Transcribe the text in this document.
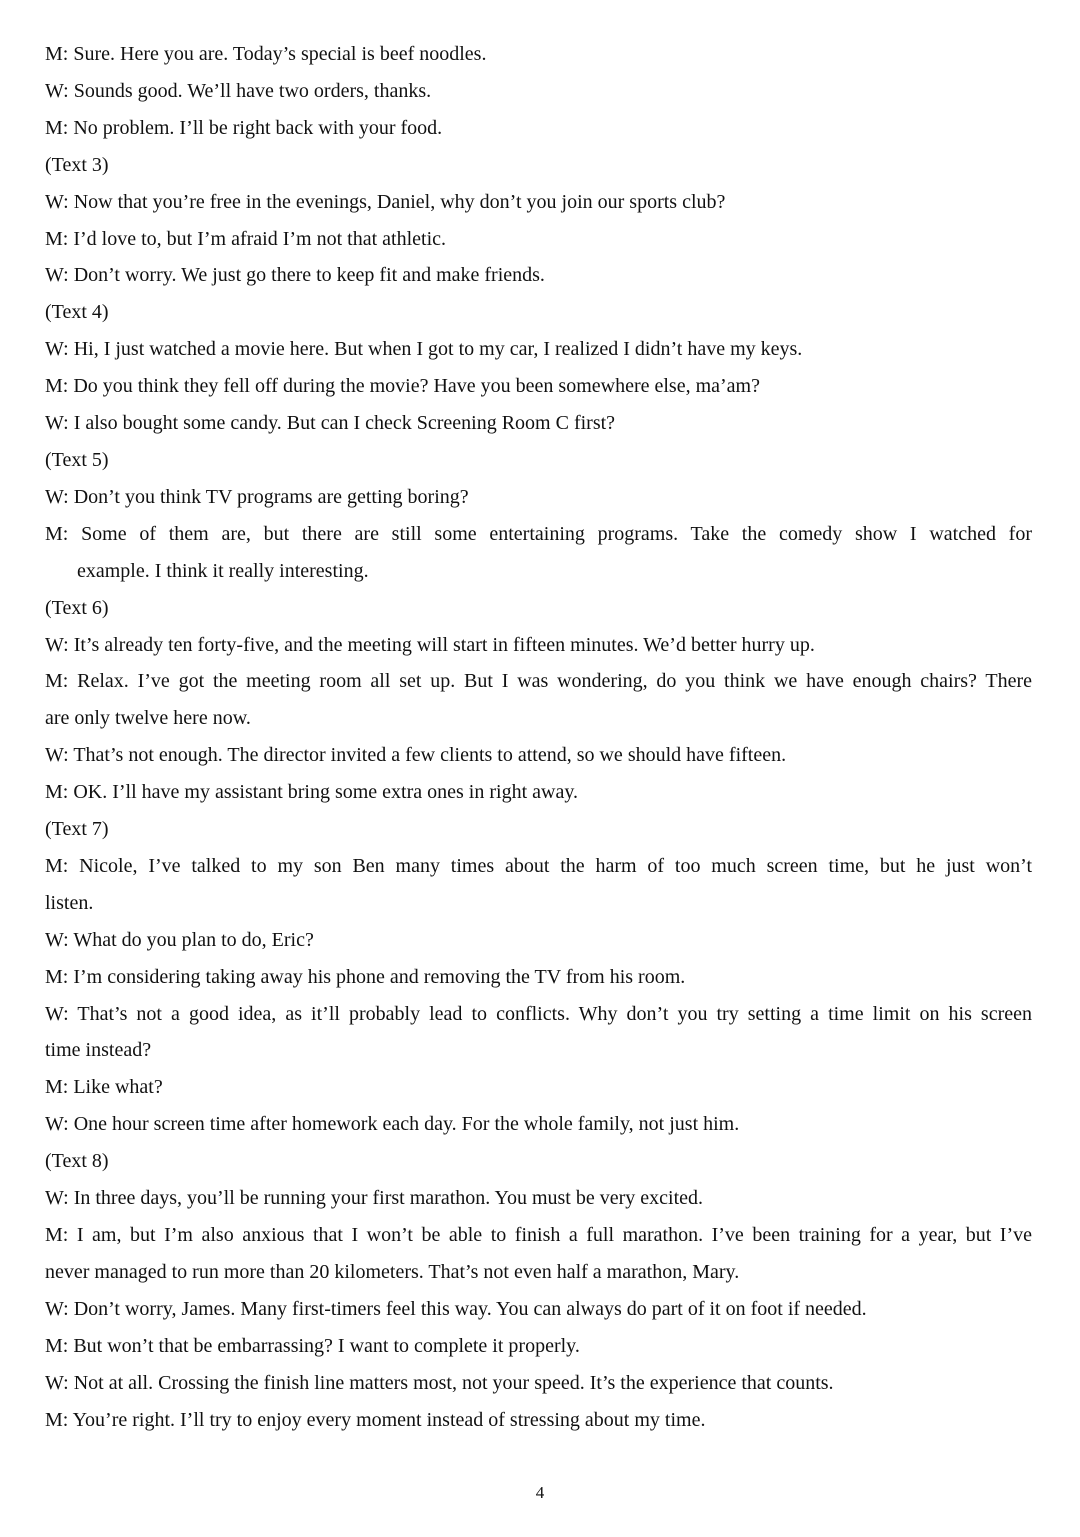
M: Sure. Here you are. Today’s special is beef noodles.

W: Sounds good. We’ll have two orders, thanks.

M: No problem. I’ll be right back with your food.

(Text 3)

W: Now that you’re free in the evenings, Daniel, why don’t you join our sports club?

M: I’d love to, but I’m afraid I’m not that athletic.

W: Don’t worry. We just go there to keep fit and make friends.

(Text 4)

W: Hi, I just watched a movie here. But when I got to my car, I realized I didn’t have my keys.

M: Do you think they fell off during the movie? Have you been somewhere else, ma’am?

W: I also bought some candy. But can I check Screening Room C first?

(Text 5)

W: Don’t you think TV programs are getting boring?

M: Some of them are, but there are still some entertaining programs. Take the comedy show I watched for

example. I think it really interesting.

(Text 6)

W: It’s already ten forty-five, and the meeting will start in fifteen minutes. We’d better hurry up.

M: Relax. I’ve got the meeting room all set up. But I was wondering, do you think we have enough chairs? There

are only twelve here now.

W: That’s not enough. The director invited a few clients to attend, so we should have fifteen.

M: OK. I’ll have my assistant bring some extra ones in right away.

(Text 7)

M: Nicole, I’ve talked to my son Ben many times about the harm of too much screen time, but he just won’t

listen.

W: What do you plan to do, Eric?

M: I’m considering taking away his phone and removing the TV from his room.

W: That’s not a good idea, as it’ll probably lead to conflicts. Why don’t you try setting a time limit on his screen

time instead?

M: Like what?

W: One hour screen time after homework each day. For the whole family, not just him.

(Text 8)

W: In three days, you’ll be running your first marathon. You must be very excited.

M: I am, but I’m also anxious that I won’t be able to finish a full marathon. I’ve been training for a year, but I’ve

never managed to run more than 20 kilometers. That’s not even half a marathon, Mary.

W: Don’t worry, James. Many first-timers feel this way. You can always do part of it on foot if needed.

M: But won’t that be embarrassing? I want to complete it properly.

W: Not at all. Crossing the finish line matters most, not your speed. It’s the experience that counts.

M: You’re right. I’ll try to enjoy every moment instead of stressing about my time.

4
